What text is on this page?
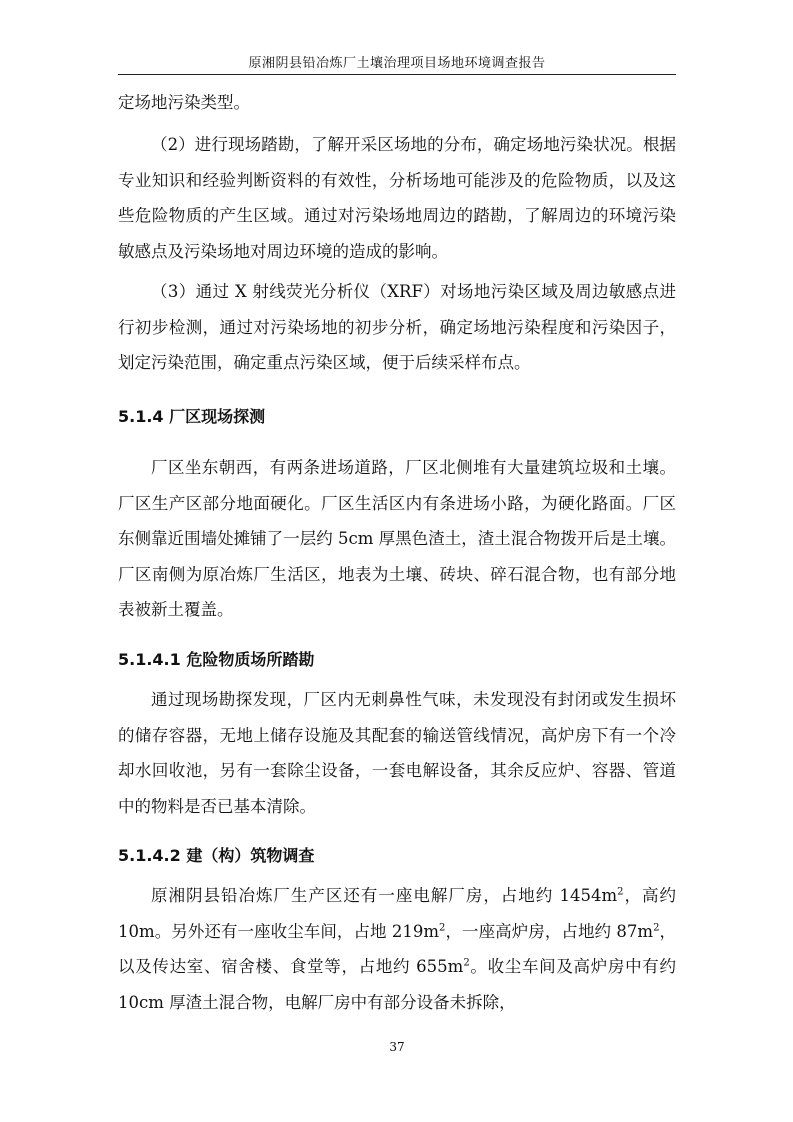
原湘阴县铅冶炼厂土壤治理项目场地环境调查报告

定场地污染类型。

（2）进行现场踏勘，了解开采区场地的分布，确定场地污染状况。根据专业知识和经验判断资料的有效性，分析场地可能涉及的危险物质，以及这些危险物质的产生区域。通过对污染场地周边的踏勘，了解周边的环境污染敏感点及污染场地对周边环境的造成的影响。

（3）通过 X 射线荧光分析仪（XRF）对场地污染区域及周边敏感点进行初步检测，通过对污染场地的初步分析，确定场地污染程度和污染因子，划定污染范围，确定重点污染区域，便于后续采样布点。

5.1.4 厂区现场探测

厂区坐东朝西，有两条进场道路，厂区北侧堆有大量建筑垃圾和土壤。厂区生产区部分地面硬化。厂区生活区内有条进场小路，为硬化路面。厂区东侧靠近围墙处摊铺了一层约 5cm 厚黑色渣土，渣土混合物拨开后是土壤。厂区南侧为原冶炼厂生活区，地表为土壤、砖块、碎石混合物，也有部分地表被新土覆盖。

5.1.4.1 危险物质场所踏勘

通过现场勘探发现，厂区内无刺鼻性气味，未发现没有封闭或发生损坏的储存容器，无地上储存设施及其配套的输送管线情况，高炉房下有一个冷却水回收池，另有一套除尘设备，一套电解设备，其余反应炉、容器、管道中的物料是否已基本清除。

5.1.4.2 建（构）筑物调查

原湘阴县铅冶炼厂生产区还有一座电解厂房，占地约 $1454m^2$，高约 10m。另外还有一座收尘车间，占地 $219m^2$，一座高炉房，占地约 $87m^2$，以及传达室、宿舍楼、食堂等，占地约 $655m^2$。收尘车间及高炉房中有约 10cm 厚渣土混合物，电解厂房中有部分设备未拆除，

37
